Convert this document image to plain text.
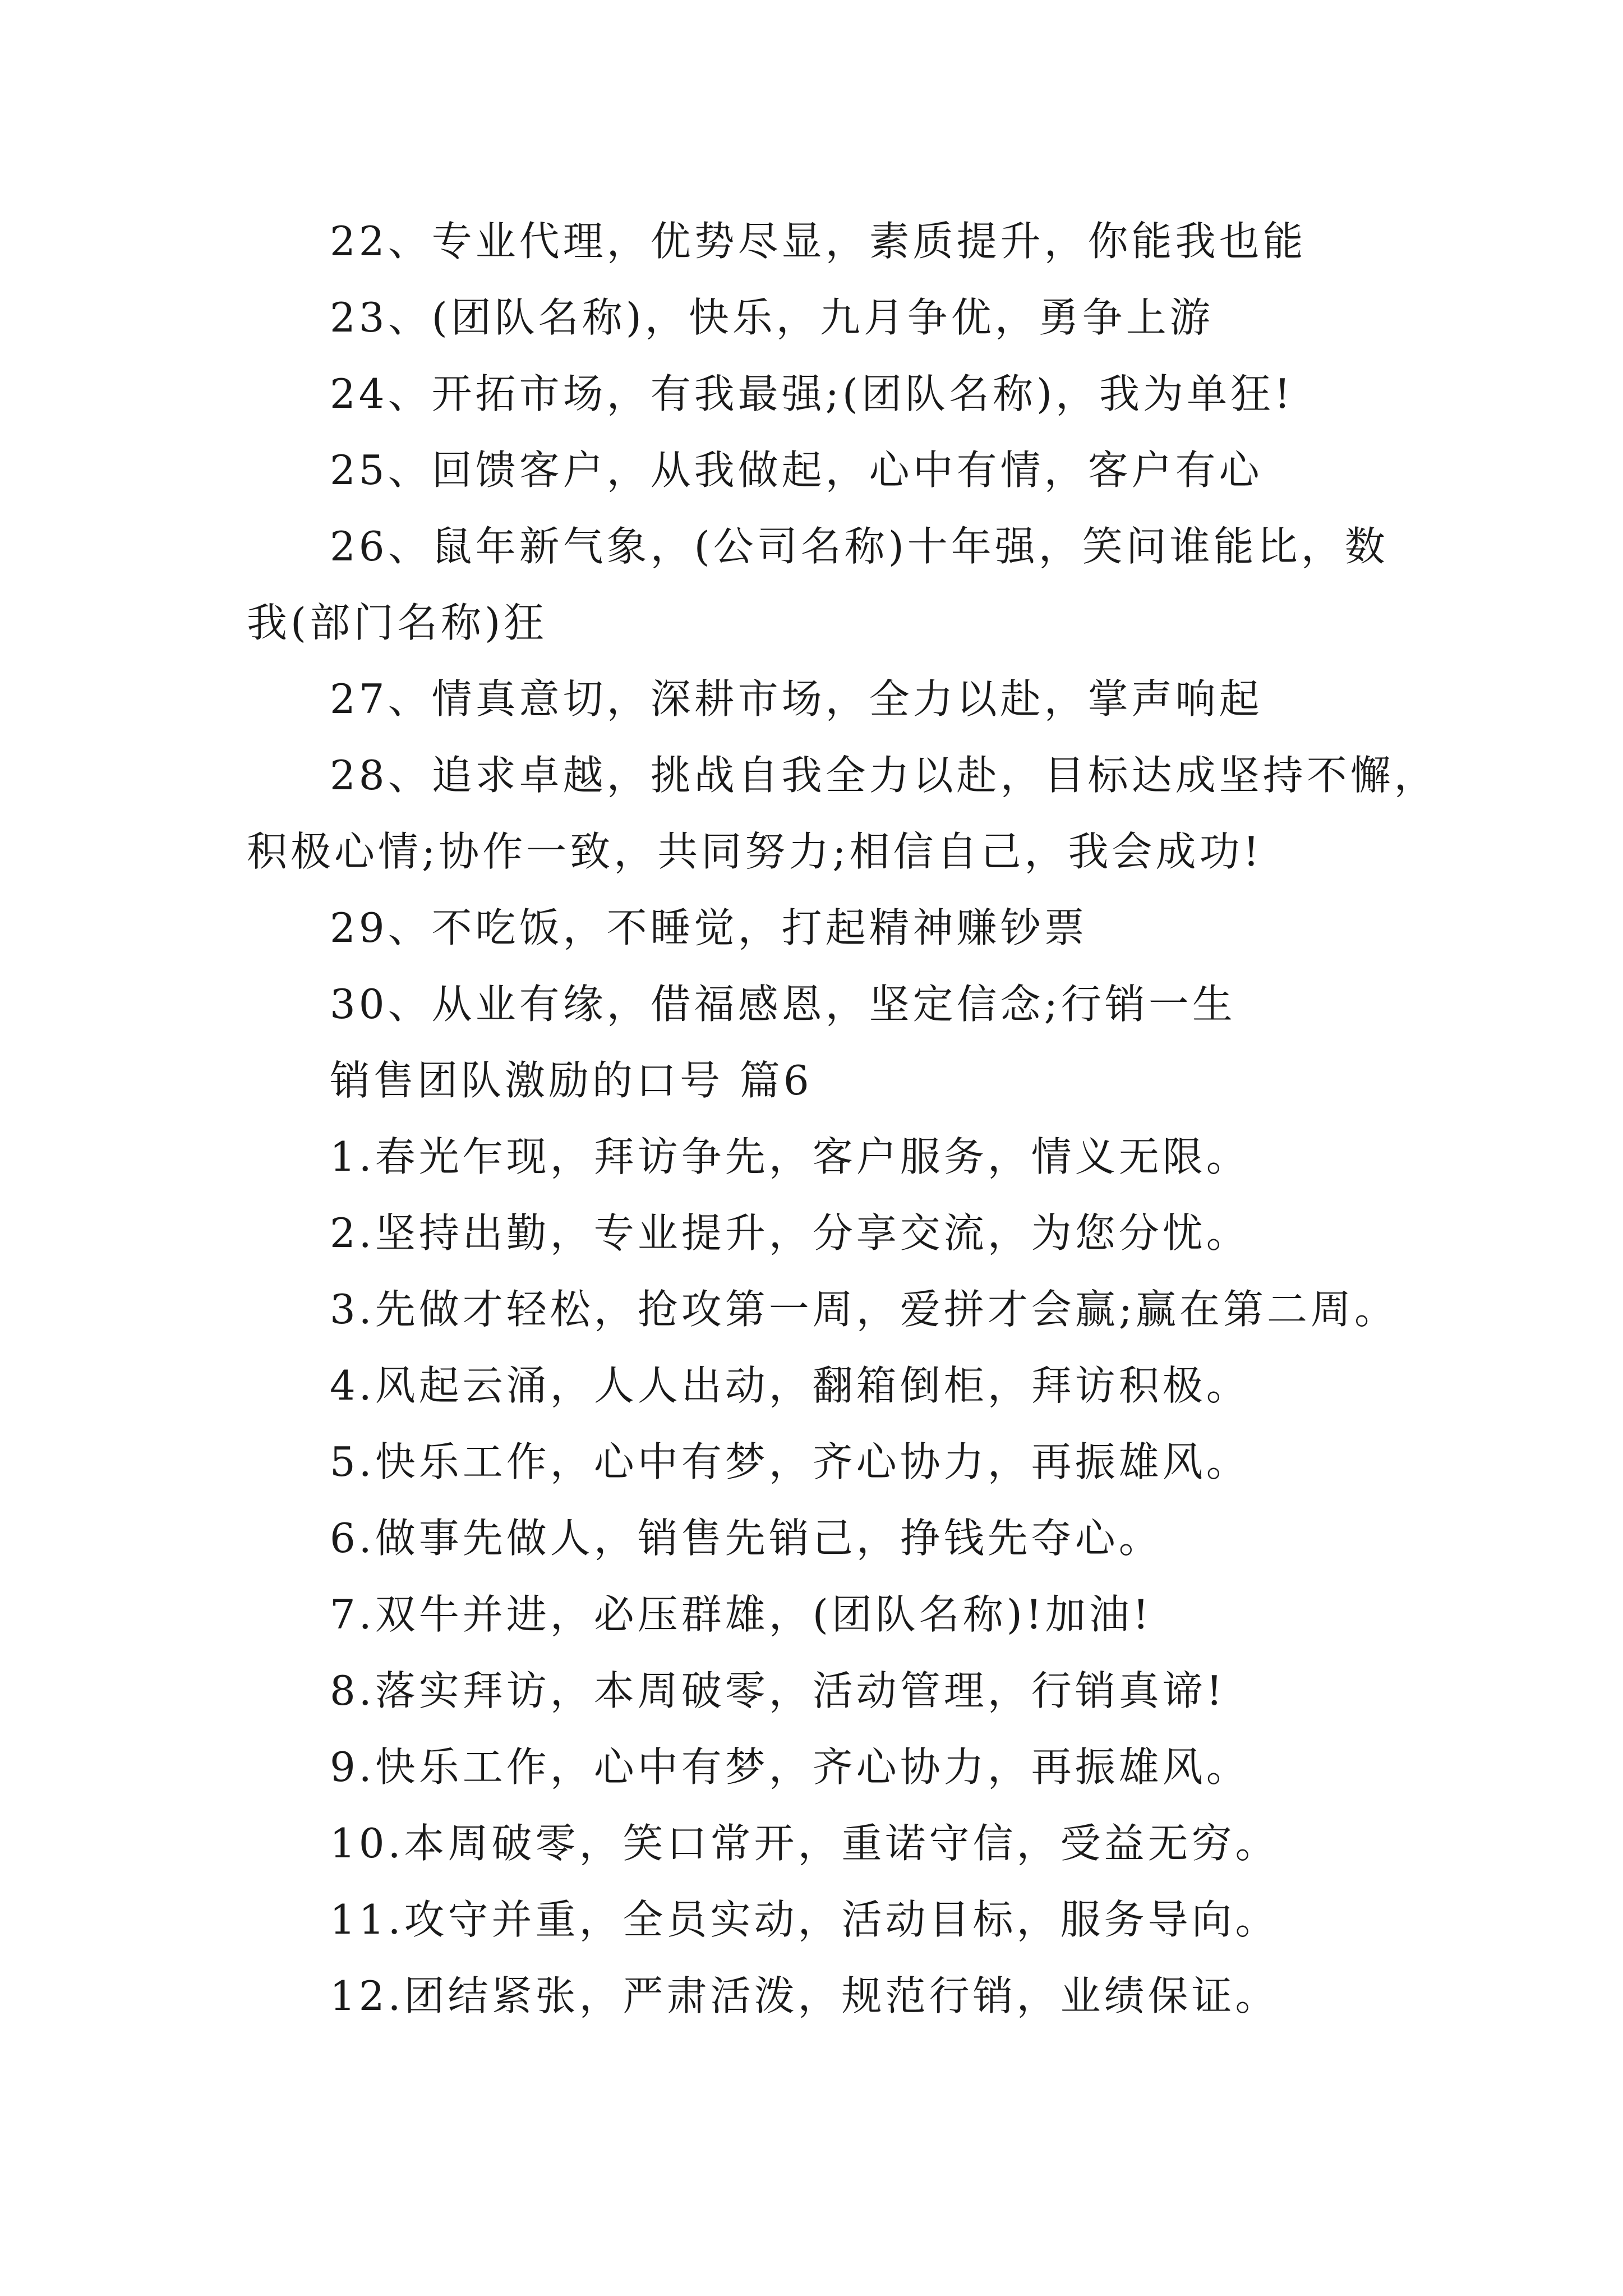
22、专业代理，优势尽显，素质提升，你能我也能
23、(团队名称)，快乐，九月争优，勇争上游
24、开拓市场，有我最强;(团队名称)，我为单狂!
25、回馈客户，从我做起，心中有情，客户有心
26、鼠年新气象，(公司名称)十年强，笑问谁能比，数
我(部门名称)狂
27、情真意切，深耕市场，全力以赴，掌声响起
28、追求卓越，挑战自我全力以赴，目标达成坚持不懈，
积极心情;协作一致，共同努力;相信自己，我会成功!
29、不吃饭，不睡觉，打起精神赚钞票
30、从业有缘，借福感恩，坚定信念;行销一生
销售团队激励的口号 篇6
1.春光乍现，拜访争先，客户服务，情义无限。
2.坚持出勤，专业提升，分享交流，为您分忧。
3.先做才轻松，抢攻第一周，爱拼才会赢;赢在第二周。
4.风起云涌，人人出动，翻箱倒柜，拜访积极。
5.快乐工作，心中有梦，齐心协力，再振雄风。
6.做事先做人，销售先销己，挣钱先夺心。
7.双牛并进，必压群雄，(团队名称)!加油!
8.落实拜访，本周破零，活动管理，行销真谛!
9.快乐工作，心中有梦，齐心协力，再振雄风。
10.本周破零，笑口常开，重诺守信，受益无穷。
11.攻守并重，全员实动，活动目标，服务导向。
12.团结紧张，严肃活泼，规范行销，业绩保证。
